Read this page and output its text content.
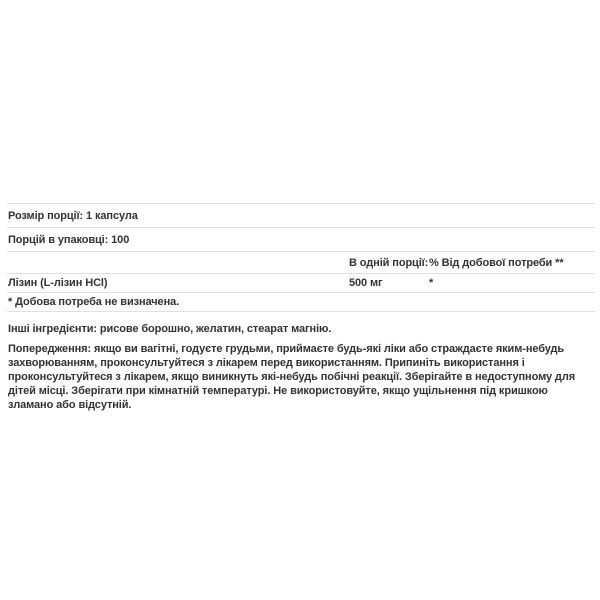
Розмір порції: 1 капсула
Порцій в упаковці: 100
В одній порції: % Від добової потреби **
Лізин (L-лізин HCl)	500 мг	*
* Добова потреба не визначена.

Інші інгредієнти: рисове борошно, желатин, стеарат магнію.

Попередження: якщо ви вагітні, годуєте грудьми, приймаєте будь-які ліки або страждаєте яким-небудь захворюванням, проконсультуйтеся з лікарем перед використанням. Припиніть використання і проконсультуйтеся з лікарем, якщо виникнуть які-небудь побічні реакції. Зберігайте в недоступному для дітей місці. Зберігати при кімнатній температурі. Не використовуйте, якщо ущільнення під кришкою зламано або відсутній.
